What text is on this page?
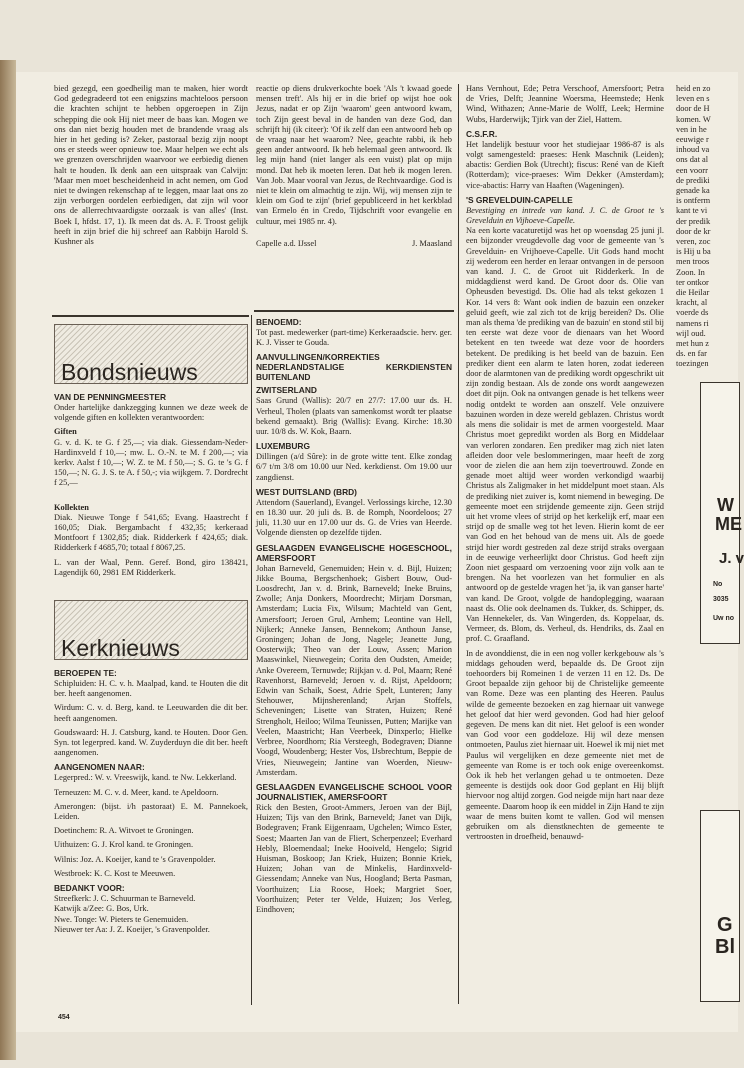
bied gezegd, een goedheilig man te maken, hier wordt God gedegradeerd tot een enigszins machteloos persoon die krachten schijnt te hebben opgeroepen in Zijn schepping die ook Hij niet meer de baas kan. Mogen we ons dan niet bezig houden met de brandende vraag als hier in het geding is? Zeker, pastoraal bezig zijn noopt ons er steeds weer opnieuw toe. Maar helpen we echt als we grenzen overschrijden waarvoor we eerbiedig dienen halt te houden. Ik denk aan een uitspraak van Calvijn: 'Maar men moet bescheidenheid in acht nemen, om God niet te dwingen rekenschap af te leggen, maar laat ons zo zijn verborgen oordelen eerbiedigen, dat zijn wil voor ons de allerrechtvaardigste oorzaak is van alles' (Inst. Boek I, hfdst. 17, 1). Ik meen dat ds. A. F. Troost gelijk heeft in zijn brief die hij schreef aan Rabbijn Harold S. Kushner als

Bondsnieuws
VAN DE PENNINGMEESTER

Onder hartelijke dankzegging kunnen we deze week de volgende giften en kollekten verantwoorden:

Giften

G. v. d. K. te G. f 25,—; via diak. Giessendam-Neder-Hardinxveld f 10,—; mw. L. O.-N. te M. f 200,—; via kerkv. Aalst f 10,—; W. Z. te M. f 50,—; S. G. te 's G. f 150,—; N. G. J. S. te A. f 50,-; via wijkgem. 7. Dordrecht f 25,—

Kollekten

Diak. Nieuwe Tonge f 541,65; Evang. Haastrecht f 160,05; Diak. Bergambacht f 432,35; kerkeraad Montfoort f 1302,85; diak. Ridderkerk f 424,65; diak. Ridderkerk f 4685,70; totaal f 8067,25.

L. van der Waal, Penn. Geref. Bond, giro 138421, Lagendijk 60, 2981 EM Ridderkerk.

Kerknieuws
BEROEPEN TE:

Schipluiden: H. C. v. h. Maalpad, kand. te Houten die dit ber. heeft aangenomen.

Wirdum: C. v. d. Berg, kand. te Leeuwarden die dit ber. heeft aangenomen.

Goudswaard: H. J. Catsburg, kand. te Houten. Door Gen. Syn. tot legerpred. kand. W. Zuyderduyn die dit ber. heeft aangenomen.

AANGENOMEN NAAR:

Legerpred.: W. v. Vreeswijk, kand. te Nw. Lekkerland.

Terneuzen: M. C. v. d. Meer, kand. te Apeldoorn.

Amerongen: (bijst. i/h pastoraat) E. M. Pannekoek, Leiden.

Doetinchem: R. A. Witvoet te Groningen.

Uithuizen: G. J. Krol kand. te Groningen.

Wilnis: Joz. A. Koeijer, kand te 's Gravenpolder.

Westbroek: K. C. Kost te Meeuwen.

BEDANKT VOOR:

Streefkerk: J. C. Schuurman te Barneveld.

Katwijk a/Zee: G. Bos, Urk.

Nwe. Tonge: W. Pieters te Genemuiden.

Nieuwer ter Aa: J. Z. Koeijer, 's Gravenpolder.

reactie op diens drukverkochte boek 'Als 't kwaad goede mensen treft'. Als hij er in die brief op wijst hoe ook Jezus, nadat er op Zijn 'waarom' geen antwoord kwam, toch Zijn geest beval in de handen van deze God, dan schrijft hij (ik citeer): 'Of ik zelf dan een antwoord heb op de vraag naar het waarom? Nee, geachte rabbi, ik heb geen ander antwoord. Ik heb helemaal geen antwoord. Ik leg mijn hand (niet langer als een vuist) plat op mijn mond. Dat heb ik moeten leren. Dat heb ik mogen leren. Van Job. Maar vooral van Jezus, de Rechtvaardige. God is niet te klein om almachtig te zijn. Wij, wij mensen zijn te klein om God te zijn' (brief gepubliceerd in het kerkblad van Ermelo én in Credo, Tijdschrift voor evangelie en cultuur, mei 1985 nr. 4).

Capelle a.d. IJssel	J. Maasland
BENOEMD:

Tot past. medewerker (part-time) Kerkeraadscie. herv. ger. K. J. Visser te Gouda.

AANVULLINGEN/KORREKTIES NEDERLANDSTALIGE KERKDIENSTEN BUITENLAND
ZWITSERLAND

Saas Grund (Wallis): 20/7 en 27/7: 17.00 uur ds. H. Verheul, Tholen (plaats van samenkomst wordt ter plaatse bekend gemaakt). Brig (Wallis): Evang. Kirche: 18.30 uur. 10/8 ds. W. Kok, Baarn.

LUXEMBURG

Dillingen (a/d Sûre): in de grote witte tent. Elke zondag 6/7 t/m 3/8 om 10.00 uur Ned. kerkdienst. Om 19.00 uur zangdienst.

WEST DUITSLAND (BRD)

Attendorn (Sauerland), Evangel. Verlossings kirche, 12.30 en 18.30 uur. 20 juli ds. B. de Romph, Noordeloos; 27 juli, 11.30 uur en 17.00 uur ds. G. de Vries van Heerde. Volgende diensten op dezelfde tijden.

GESLAAGDEN EVANGELISCHE HOGESCHOOL, AMERSFOORT

Johan Barneveld, Genemuiden; Hein v. d. Bijl, Huizen; Jikke Bouma, Bergschenhoek; Gisbert Bouw, Oud-Loosdrecht, Jan v. d. Brink, Barneveld; Ineke Bruins, Zwolle; Anja Donkers, Moordrecht; Mirjam Dorsman, Amsterdam; Lucia Fix, Wilsum; Machteld van Gent, Amersfoort; Jeroen Grul, Arnhem; Leontine van Hell, Nijkerk; Anneke Jansen, Bennekom; Anthoun Janse, Groningen; Johan de Jong, Nagele; Jeanette Jung, Oosterwijk; Theo van der Louw, Assen; Marion Maaswinkel, Nieuwegein; Corita den Oudsten, Ameide; Anke Overeem, Ternuwde; Rijkjan v. d. Pol, Maarn; René Ravenhorst, Barneveld; Jeroen v. d. Rijst, Apeldoorn; Edwin van Schaik, Soest, Adrie Spelt, Lunteren; Jany Stehouwer, Mijnsherenland; Arjan Stoffels, Scheveningen; Lisette van Straten, Huizen; René Strengholt, Heiloo; Wilma Teunissen, Putten; Marijke van Veelen, Maastricht; Han Veerbeek, Dinxperlo; Hielke Verbree, Noordhorn; Ria Versteegh, Bodegraven; Dianne Voogd, Woudenberg; Hester Vos, IJsbrechtum, Beppie de Vries, Nieuwegein; Jantine van Woerden, Nieuw-Amsterdam.

GESLAAGDEN EVANGELISCHE SCHOOL VOOR JOURNALISTIEK, AMERSFOORT

Rick den Besten, Groot-Ammers, Jeroen van der Bijl, Huizen; Tijs van den Brink, Barneveld; Janet van Dijk, Bodegraven; Frank Eijgenraam, Ugchelen; Wimco Ester, Soest; Maarten Jan van de Fliert, Scherpenzeel; Everhard Hebly, Bloemendaal; Ineke Hooiveld, Hengelo; Sigrid Huisman, Boskoop; Jan Kriek, Huizen; Bonnie Kriek, Huizen; Johan van de Minkelis, Hardinxveld-Giessendam; Anneke van Nus, Hoogland; Berta Pasman, Voorthuizen; Lia Roose, Hoek; Margriet Soer, Voorthuizen; Peter ter Velde, Huizen; Jos Verleg, Eindhoven;

Hans Vernhout, Ede; Petra Verschoof, Amersfoort; Petra de Vries, Delft; Jeannine Woersma, Heemstede; Henk Wind, Withazen; Anne-Marie de Wolff, Leek; Hermine Wubs, Harderwijk; Tjirk van der Ziel, Hattem.

C.S.F.R.

Het landelijk bestuur voor het studiejaar 1986-87 is als volgt samengesteld: praeses: Henk Maschnik (Leiden); abactis: Gerdien Bok (Utrecht); fiscus: René van de Kieft (Rotterdam); vice-praeses: Wim Dekker (Amsterdam); vice-abactis: Harry van Haaften (Wageningen).

'S GREVELDUIN-CAPELLE

Bevestiging en intrede van kand. J. C. de Groot te 's Grevelduin en Vijhoeve-Capelle.

Na een korte vacaturetijd was het op woensdag 25 juni jl. een bijzonder vreugdevolle dag voor de gemeente van 's Grevelduin- en Vrijhoeve-Capelle. Uit Gods hand mocht zij wederom een herder en leraar ontvangen in de persoon van kand. J. C. de Groot uit Ridderkerk. In de middagdienst werd kand. De Groot door ds. Olie van Opheusden bevestigd. Ds. Olie had als tekst gekozen 1 Kor. 14 vers 8: Want ook indien de bazuin een onzeker geluid geeft, wie zal zich tot de krijg bereiden? Ds. Olie man als thema 'de prediking van de bazuin' en stond stil bij ten eerste wat deze voor de dienaars van het Woord betekent en ten tweede wat deze voor de hoorders betekent. De prediking is het beeld van de bazuin. Een prediker dient een alarm te laten horen, zodat iedereen door de alarmtonen van de prediking wordt opgeschrikt uit zijn zondig bestaan. Als de zonde ons wordt aangewezen doet dit pijn. Ook na ontvangen genade is het telkens weer nodig ontdekt te worden aan onszelf. Vele onzuivere bazuinen worden in deze wereld geblazen. Christus wordt als mens die solidair is met de armen voorgesteld. Maar Christus moet gepredikt worden als Borg en Middelaar van verloren zondaren. Een prediker mag zich niet laten afleiden door vele beslommeringen, maar heeft de zorg voor de zielen die aan hem zijn toevertrouwd. Zonde en genade moet altijd weer worden verkondigd waarbij Christus als Zaligmaker in het middelpunt moet staan. Als de prediking niet zuiver is, komt niemend in beweging. De gemeente moet een strijdende gemeente zijn. Geen strijd uit het vrome vlees of strijd op het kerkelijk erf, maar een strijd op de smalle weg tot het leven. Hierin komt de eer van God en het behoud van de mens uit. Als de goede strijd hier wordt gestreden zal deze strijd straks overgaan in de eeuwige verheerlijkt door Christus. God heeft zijn Zoon niet gespaard om verzoening voor zijn volk aan te brengen. Na het voorlezen van het formulier en als antwoord op de gestelde vragen het 'ja, ik van ganser harte' van kand. De Groot, volgde de handoplegging, waaraan naast ds. Olie ook deelnamen ds. Tukker, ds. Schipper, ds. Van Hennekeler, ds. Van Wingerden, ds. Koppelaar, ds. Vermeer, ds. Blom, ds. Verheul, ds. Hendriks, ds. Zaal en prof. C. Graafland.

In de avonddienst, die in een nog voller kerkgebouw als 's middags gehouden werd, bepaalde ds. De Groot zijn toehoorders bij Romeinen 1 de verzen 11 en 12. Ds. De Groot bepaalde zijn gehoor bij de Christelijke gemeente van Rome. Deze was een planting des Heeren. Paulus wilde de gemeente bezoeken en zag hiernaar uit vanwege het geloof dat hier werd gevonden. God had hier geloof gegeven. De mens kan dit niet. Het geloof is een wonder van God voor een goddeloze. Hij wil deze mensen ontmoeten, Paulus ziet hiernaar uit. Hoewel ik mij niet met Paulus wil vergelijken en deze gemeente niet met de gemeente van Rome is er toch ook enige overeenkomst. Ook ik heb het verlangen gehad u te ontmoeten. Deze gemeente is destijds ook door God geplant en Hij blijft hiervoor nog altijd zorgen. God neigde mijn hart naar deze gemeente. Daarom hoop ik een middel in Zijn Hand te zijn waar de mens buiten komt te vallen. God wil mensen gebruiken om als dienstknechten de gemeente te vertroosten in droefheid, benauwd-

heid en zo
leven en s
door de H
komen. W
ven in he
eeuwige r
inhoud va
ons dat al
een voorr
de prediki
genade ka
is ontferm
kant te vi
der predik
door de kr
veren, zoc
is Hij u ba
men troos
Zoon. In
ter ontkor
die Heilar
kracht, al
voerde ds
namens ri
wijl oud.
met hun z
ds. en far
toezingen
W
ME
J. v
No
3035
Uw no
G
Bl
454
